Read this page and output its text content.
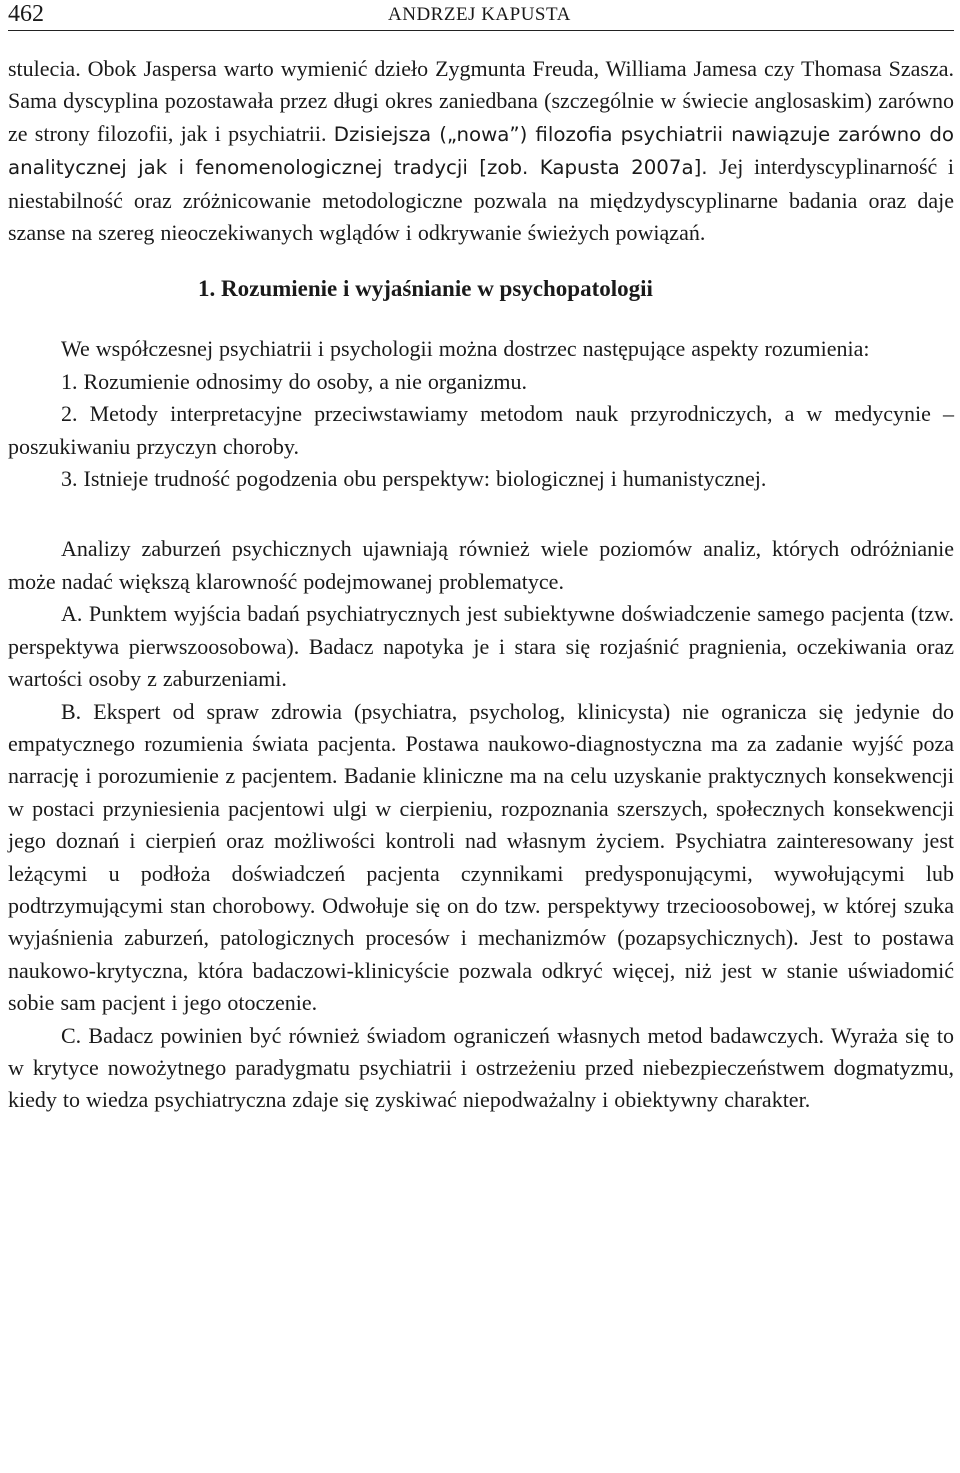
462	ANDRZEJ KAPUSTA

stulecia. Obok Jaspersa warto wymienić dzieło Zygmunta Freuda, Williama Jamesa czy Thomasa Szasza. Sama dyscyplina pozostawała przez długi okres zaniedbana (szczególnie w świecie anglosaskim) zarówno ze strony filozofii, jak i psychiatrii. Dzisiejsza („nowa”) filozofia psychiatrii nawiązuje zarówno do analitycznej jak i fenomenologicznej tradycji [zob. Kapusta 2007a]. Jej interdyscyplinarność i niestabilność oraz zróżnicowanie metodologiczne pozwala na międzydyscyplinarne badania oraz daje szanse na szereg nieoczekiwanych wglądów i odkrywanie świeżych powiązań.

1. Rozumienie i wyjaśnianie w psychopatologii

We współczesnej psychiatrii i psychologii można dostrzec następujące aspekty rozumienia:

1. Rozumienie odnosimy do osoby, a nie organizmu.

2. Metody interpretacyjne przeciwstawiamy metodom nauk przyrodniczych, a w medycynie – poszukiwaniu przyczyn choroby.

3. Istnieje trudność pogodzenia obu perspektyw: biologicznej i humanistycznej.

Analizy zaburzeń psychicznych ujawniają również wiele poziomów analiz, których odróżnianie może nadać większą klarowność podejmowanej problematyce.

A. Punktem wyjścia badań psychiatrycznych jest subiektywne doświadczenie samego pacjenta (tzw. perspektywa pierwszoosobowa). Badacz napotyka je i stara się rozjaśnić pragnienia, oczekiwania oraz wartości osoby z zaburzeniami.

B. Ekspert od spraw zdrowia (psychiatra, psycholog, klinicysta) nie ogranicza się jedynie do empatycznego rozumienia świata pacjenta. Postawa naukowo-diagnostyczna ma za zadanie wyjść poza narrację i porozumienie z pacjentem. Badanie kliniczne ma na celu uzyskanie praktycznych konsekwencji w postaci przyniesienia pacjentowi ulgi w cierpieniu, rozpoznania szerszych, społecznych konsekwencji jego doznań i cierpień oraz możliwości kontroli nad własnym życiem. Psychiatra zainteresowany jest leżącymi u podłoża doświadczeń pacjenta czynnikami predysponującymi, wywołującymi lub podtrzymującymi stan chorobowy. Odwołuje się on do tzw. perspektywy trzecioosobowej, w której szuka wyjaśnienia zaburzeń, patologicznych procesów i mechanizmów (pozapsychicznych). Jest to postawa naukowo-krytyczna, która badaczowi-klinicyście pozwala odkryć więcej, niż jest w stanie uświadomić sobie sam pacjent i jego otoczenie.

C. Badacz powinien być również świadom ograniczeń własnych metod badawczych. Wyraża się to w krytyce nowożytnego paradygmatu psychiatrii i ostrzeżeniu przed niebezpieczeństwem dogmatyzmu, kiedy to wiedza psychiatryczna zdaje się zyskiwać niepodważalny i obiektywny charakter.
